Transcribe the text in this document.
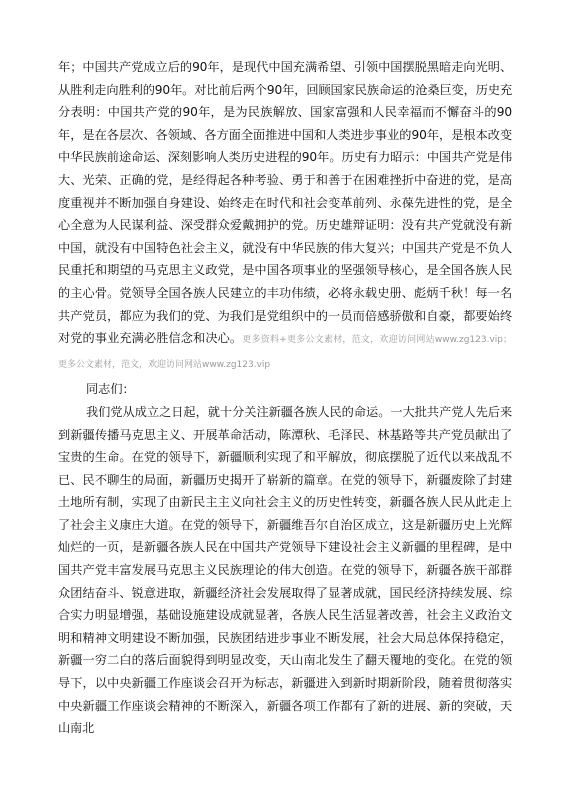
年；中国共产党成立后的90年，是现代中国充满希望、引领中国摆脱黑暗走向光明、从胜利走向胜利的90年。对比前后两个90年，回顾国家民族命运的沧桑巨变，历史充分表明：中国共产党的90年，是为民族解放、国家富强和人民幸福而不懈奋斗的90年，是在各层次、各领域、各方面全面推进中国和人类进步事业的90年，是根本改变中华民族前途命运、深刻影响人类历史进程的90年。历史有力昭示：中国共产党是伟大、光荣、正确的党，是经得起各种考验、勇于和善于在困难挫折中奋进的党，是高度重视并不断加强自身建设、始终走在时代和社会变革前列、永葆先进性的党，是全心全意为人民谋利益、深受群众爱戴拥护的党。历史雄辩证明：没有共产党就没有新中国，就没有中国特色社会主义，就没有中华民族的伟大复兴；中国共产党是不负人民重托和期望的马克思主义政党，是中国各项事业的坚强领导核心，是全国各族人民的主心骨。党领导全国各族人民建立的丰功伟绩，必将永载史册、彪炳千秋！每一名共产党员，都应为我们的党、为我们是党组织中的一员而倍感骄傲和自豪，都要始终对党的事业充满必胜信念和决心。更多资料+更多公文素材，范文，欢迎访问网站www.zg123.vip；更多公文素材，范文，欢迎访问网站www.zg123.vip

同志们：

我们党从成立之日起，就十分关注新疆各族人民的命运。一大批共产党人先后来到新疆传播马克思主义、开展革命活动，陈潭秋、毛泽民、林基路等共产党员献出了宝贵的生命。在党的领导下，新疆顺利实现了和平解放，彻底摆脱了近代以来战乱不已、民不聊生的局面，新疆历史揭开了崭新的篇章。在党的领导下，新疆废除了封建土地所有制，实现了由新民主主义向社会主义的历史性转变，新疆各族人民从此走上了社会主义康庄大道。在党的领导下，新疆维吾尔自治区成立，这是新疆历史上光辉灿烂的一页，是新疆各族人民在中国共产党领导下建设社会主义新疆的里程碑，是中国共产党丰富发展马克思主义民族理论的伟大创造。在党的领导下，新疆各族干部群众团结奋斗、锐意进取，新疆经济社会发展取得了显著成就，国民经济持续发展、综合实力明显增强，基础设施建设成就显著，各族人民生活显著改善，社会主义政治文明和精神文明建设不断加强，民族团结进步事业不断发展，社会大局总体保持稳定，新疆一穷二白的落后面貌得到明显改变，天山南北发生了翻天覆地的变化。在党的领导下，以中央新疆工作座谈会召开为标志，新疆进入到新时期新阶段，随着贯彻落实中央新疆工作座谈会精神的不断深入，新疆各项工作都有了新的进展、新的突破，天山南北
